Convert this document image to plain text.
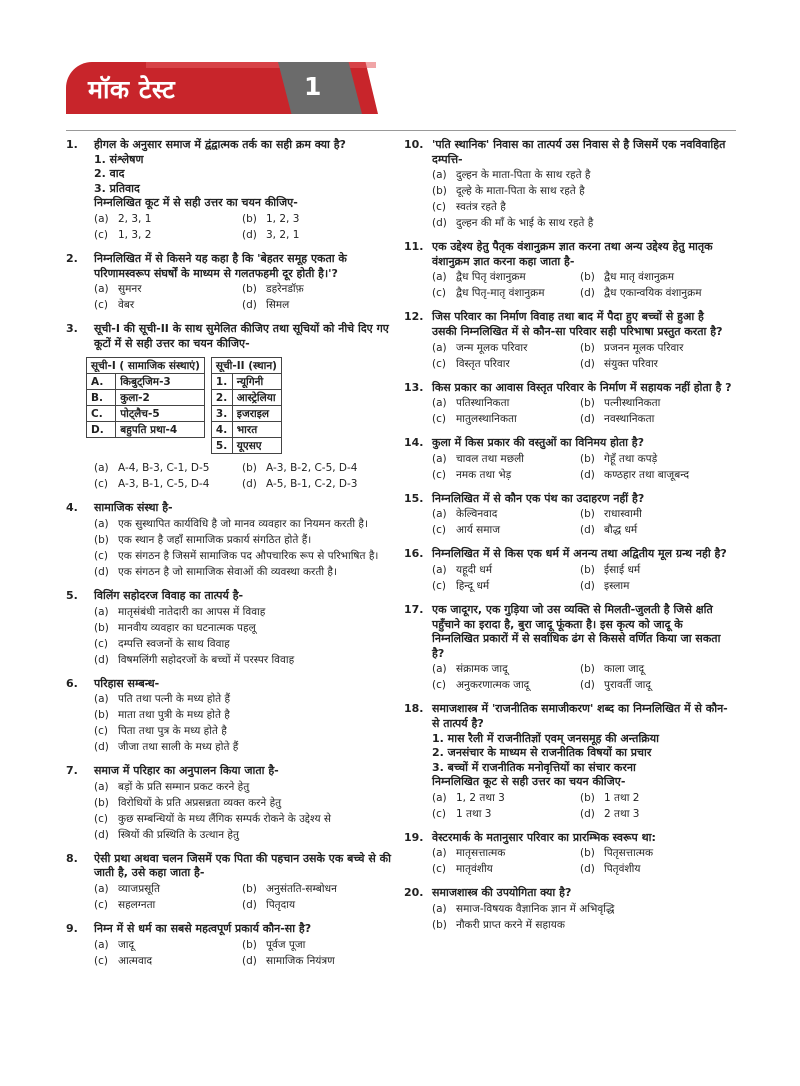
मॉक टेस्ट	1
1. हीगल के अनुसार समाज में द्वंद्वात्मक तर्क का सही क्रम क्या है?
1. संश्लेषण
2. वाद
3. प्रतिवाद
निम्नलिखित कूट में से सही उत्तर का चयन कीजिए-
(a) 2, 3, 1	(b) 1, 2, 3
(c) 1, 3, 2	(d) 3, 2, 1
2. निम्नलिखित में से किसने यह कहा है कि 'बेहतर समूह एकता के परिणामस्वरूप संघर्षों के माध्यम से गलतफहमी दूर होती है।'?
(a) सुमनर	(b) डहरेनडॉफ़
(c) वेबर	(d) सिमल
3. सूची-I की सूची-II के साथ सुमेलित कीजिए तथा सूचियों को नीचे दिए गए कूटों में से सही उत्तर का चयन कीजिए-
सूची-I ( सामाजिक संस्थाएं)			सूची-II (स्थान)	
A.	किबुट्जिम-3		1.	न्यूगिनी
B.	कुला-2		2.	आस्ट्रेलिया
C.	पोट्लैच-5		3.	इजराइल
D.	बहुपति प्रथा-4		4.	भारत
			5.	यूएसए
(a) A-4, B-3, C-1, D-5	(b) A-3, B-2, C-5, D-4
(c) A-3, B-1, C-5, D-4	(d) A-5, B-1, C-2, D-3
4. सामाजिक संस्था है-
(a) एक सुस्थापित कार्यविधि है जो मानव व्यवहार का नियमन करती है।
(b) एक स्थान है जहाँ सामाजिक प्रकार्य संगठित होते हैं।
(c) एक संगठन है जिसमें सामाजिक पद औपचारिक रूप से परिभाषित है।
(d) एक संगठन है जो सामाजिक सेवाओं की व्यवस्था करती है।
5. विलिंग सहोदरज विवाह का तात्पर्य है-
(a) मातृसंबंधी नातेदारी का आपस में विवाह
(b) मानवीय व्यवहार का घटनात्मक पहलू
(c) दम्पत्ति स्वजनों के साथ विवाह
(d) विषमलिंगी सहोदरजों के बच्चों में परस्पर विवाह
6. परिहास सम्बन्ध-
(a) पति तथा पत्नी के मध्य होते हैं
(b) माता तथा पुत्री के मध्य होते है
(c) पिता तथा पुत्र के मध्य होते है
(d) जीजा तथा साली के मध्य होते हैं
7. समाज में परिहार का अनुपालन किया जाता है-
(a) बड़ों के प्रति सम्मान प्रकट करने हेतु
(b) विरोधियों के प्रति अप्रसन्नता व्यक्त करने हेतु
(c) कुछ सम्बन्धियों के मध्य लैंगिक सम्पर्क रोकने के उद्देश्य से
(d) स्त्रियों की प्रस्थिति के उत्थान हेतु
8. ऐसी प्रथा अथवा चलन जिसमें एक पिता की पहचान उसके एक बच्चे से की जाती है, उसे कहा जाता है-
(a) व्याजप्रसूति	(b) अनुसंतति-सम्बोधन
(c) सहलग्नता	(d) पितृदाय
9. निम्न में से धर्म का सबसे महत्वपूर्ण प्रकार्य कौन-सा है?
(a) जादू	(b) पूर्वज पूजा
(c) आत्मवाद	(d) सामाजिक नियंत्रण
10. 'पति स्थानिक' निवास का तात्पर्य उस निवास से है जिसमें एक नवविवाहित दम्पत्ति-
(a) दुल्हन के माता-पिता के साथ रहते है
(b) दूल्हे के माता-पिता के साथ रहते है
(c) स्वतंत्र रहते है
(d) दुल्हन की माँ के भाई के साथ रहते है
11. एक उद्देश्य हेतु पैतृक वंशानुक्रम ज्ञात करना तथा अन्य उद्देश्य हेतु मातृक वंशानुक्रम ज्ञात करना कहा जाता है-
(a) द्वैध पितृ वंशानुक्रम	(b) द्वैध मातृ वंशानुक्रम
(c) द्वैध पितृ-मातृ वंशानुक्रम	(d) द्वैध एकान्वयिक वंशानुक्रम
12. जिस परिवार का निर्माण विवाह तथा बाद में पैदा हुए बच्चों से हुआ है उसकी निम्नलिखित में से कौन-सा परिवार सही परिभाषा प्रस्तुत करता है?
(a) जन्म मूलक परिवार	(b) प्रजनन मूलक परिवार
(c) विस्तृत परिवार	(d) संयुक्त परिवार
13. किस प्रकार का आवास विस्तृत परिवार के निर्माण में सहायक नहीं होता है ?
(a) पतिस्थानिकता	(b) पत्नीस्थानिकता
(c) मातुलस्थानिकता	(d) नवस्थानिकता
14. कुला में किस प्रकार की वस्तुओं का विनिमय होता है?
(a) चावल तथा मछली	(b) गेहूँ तथा कपड़े
(c) नमक तथा भेड़	(d) कण्ठहार तथा बाजूबन्द
15. निम्नलिखित में से कौन एक पंथ का उदाहरण नहीं है?
(a) केल्विनवाद	(b) राधास्वामी
(c) आर्य समाज	(d) बौद्ध धर्म
16. निम्नलिखित में से किस एक धर्म में अनन्य तथा अद्वितीय मूल ग्रन्थ नही है?
(a) यहूदी धर्म	(b) ईसाई धर्म
(c) हिन्दू धर्म	(d) इस्लाम
17. एक जादूगर, एक गुड़िया जो उस व्यक्ति से मिलती-जुलती है जिसे क्षति पहुँचाने का इरादा है, बुरा जादू फूंकता है। इस कृत्य को जादू के निम्नलिखित प्रकारों में से सर्वाधिक ढंग से किससे वर्णित किया जा सकता है?
(a) संक्रामक जादू	(b) काला जादू
(c) अनुकरणात्मक जादू	(d) पुरावर्ती जादू
18. समाजशास्त्र में 'राजनीतिक समाजीकरण' शब्द का निम्नलिखित में से कौन-से तात्पर्य है?
1. मास रैली में राजनीतिज्ञों एवम् जनसमूह की अन्तक्रिया
2. जनसंचार के माध्यम से राजनीतिक विषयों का प्रचार
3. बच्चों में राजनीतिक मनोवृत्तियों का संचार करना
निम्नलिखित कूट से सही उत्तर का चयन कीजिए-
(a) 1, 2 तथा 3	(b) 1 तथा 2
(c) 1 तथा 3	(d) 2 तथा 3
19. वेस्टरमार्क के मतानुसार परिवार का प्रारम्भिक स्वरूप था:
(a) मातृसत्तात्मक	(b) पितृसत्तात्मक
(c) मातृवंशीय	(d) पितृवंशीय
20. समाजशास्त्र की उपयोगिता क्या है?
(a) समाज-विषयक वैज्ञानिक ज्ञान में अभिवृद्धि
(b) नौकरी प्राप्त करने में सहायक
